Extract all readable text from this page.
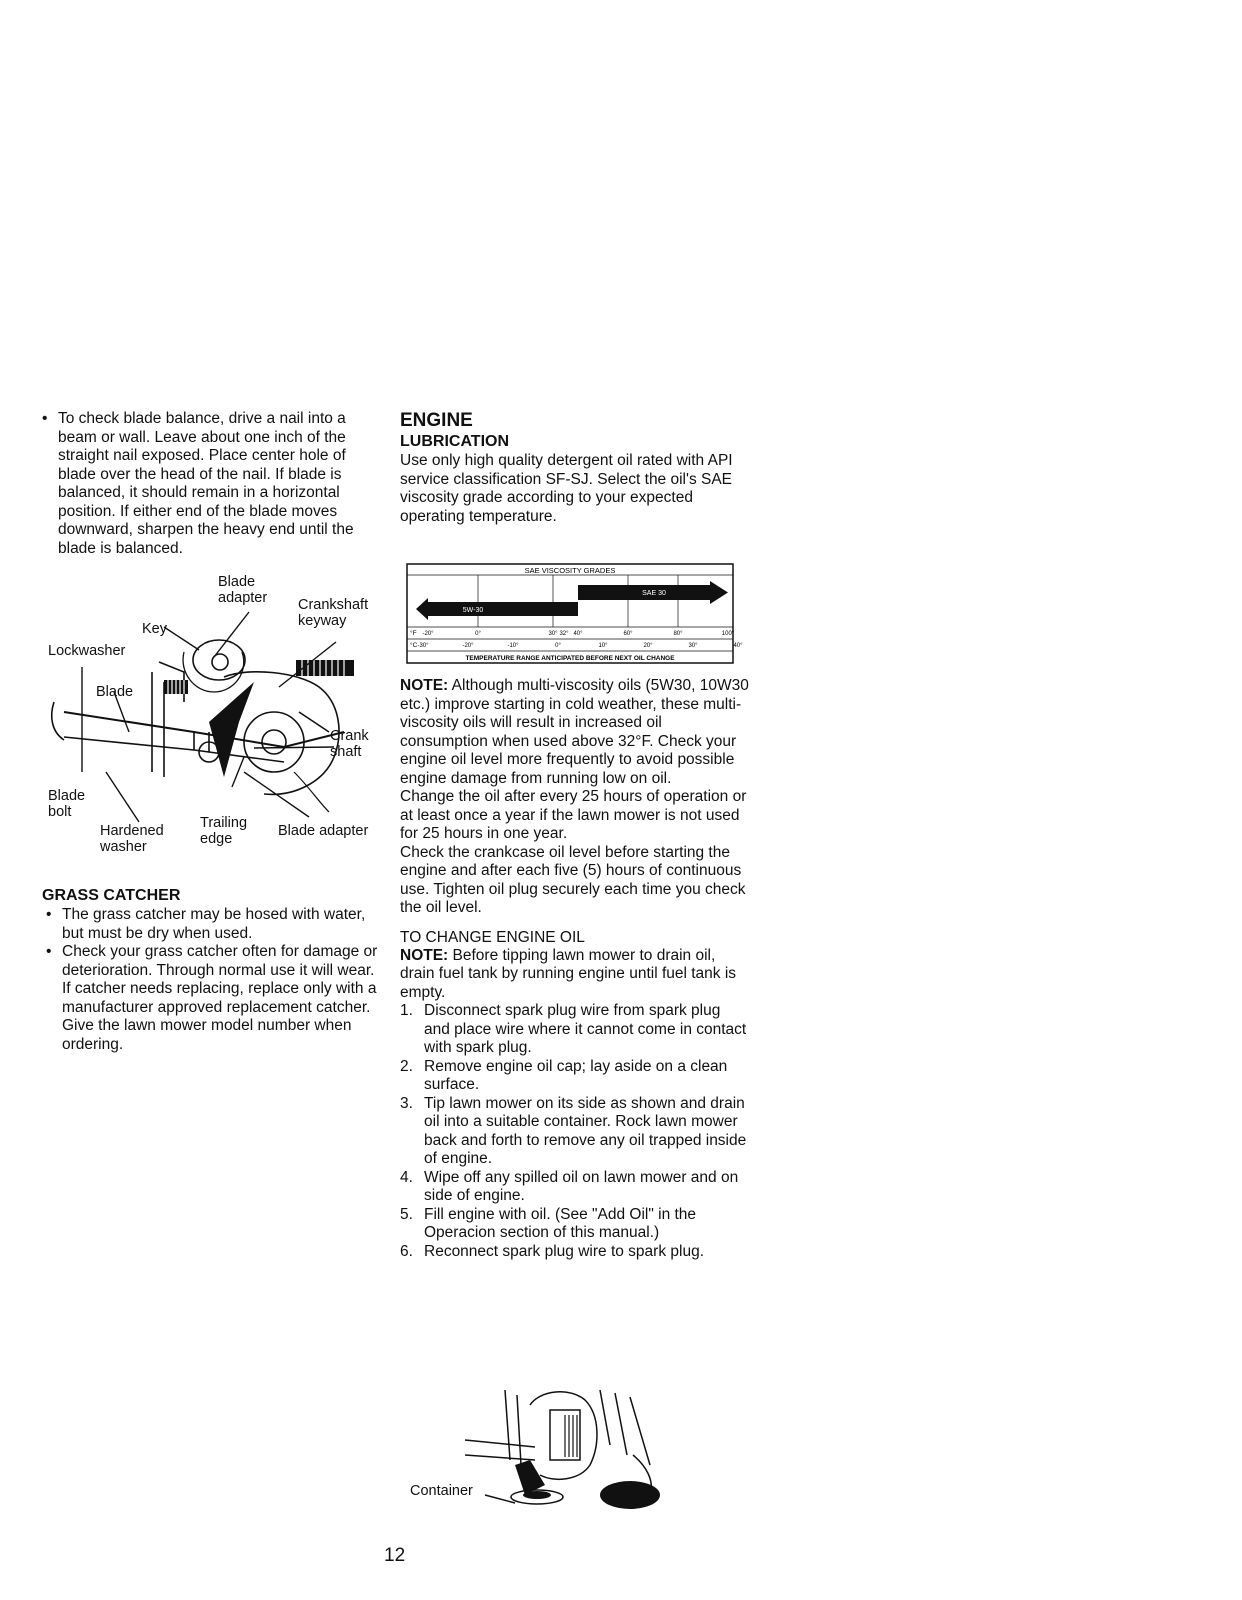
• To check blade balance, drive a nail into a beam or wall. Leave about one inch of the straight nail exposed. Place center hole of blade over the head of the nail. If blade is balanced, it should remain in a horizontal position. If either end of the blade moves downward, sharpen the heavy end until the blade is balanced.
Blade
adapter
Key
Crankshaft
keyway
Lockwasher
Blade
Crank
shaft
Blade
bolt
Hardened
washer
Trailing
edge	Blade adapter
GRASS CATCHER
• The grass catcher may be hosed with water, but must be dry when used.
• Check your grass catcher often for damage or deterioration. Through normal use it will wear. If catcher needs replacing, replace only with a manufacturer approved replacement catcher. Give the lawn mower model number when ordering.
ENGINE
LUBRICATION
Use only high quality detergent oil rated with API service classification SF-SJ. Select the oil's SAE viscosity grade according to your expected operating temperature.
SAE VISCOSITY GRADES
5W-30
SAE 30
°F
°C
-20°	0°	30° 32° 40°	60°	80°	100°
-30°	-20°	-10°	0°	10°	20°	30°	40°
TEMPERATURE RANGE ANTICIPATED BEFORE NEXT OIL CHANGE
NOTE: Although multi-viscosity oils (5W30, 10W30 etc.) improve starting in cold weather, these multi-viscosity oils will result in increased oil consumption when used above 32°F. Check your engine oil level more frequently to avoid possible engine damage from running low on oil.
Change the oil after every 25 hours of operation or at least once a year if the lawn mower is not used for 25 hours in one year.
Check the crankcase oil level before starting the engine and after each five (5) hours of continuous use. Tighten oil plug securely each time you check the oil level.
TO CHANGE ENGINE OIL
NOTE: Before tipping lawn mower to drain oil, drain fuel tank by running engine until fuel tank is empty.
1. Disconnect spark plug wire from spark plug and place wire where it cannot come in contact with spark plug.
2. Remove engine oil cap; lay aside on a clean surface.
3. Tip lawn mower on its side as shown and drain oil into a suitable container. Rock lawn mower back and forth to remove any oil trapped inside of engine.
4. Wipe off any spilled oil on lawn mower and on side of engine.
5. Fill engine with oil. (See "Add Oil" in the Operacion section of this manual.)
6. Reconnect spark plug wire to spark plug.
Container
12
